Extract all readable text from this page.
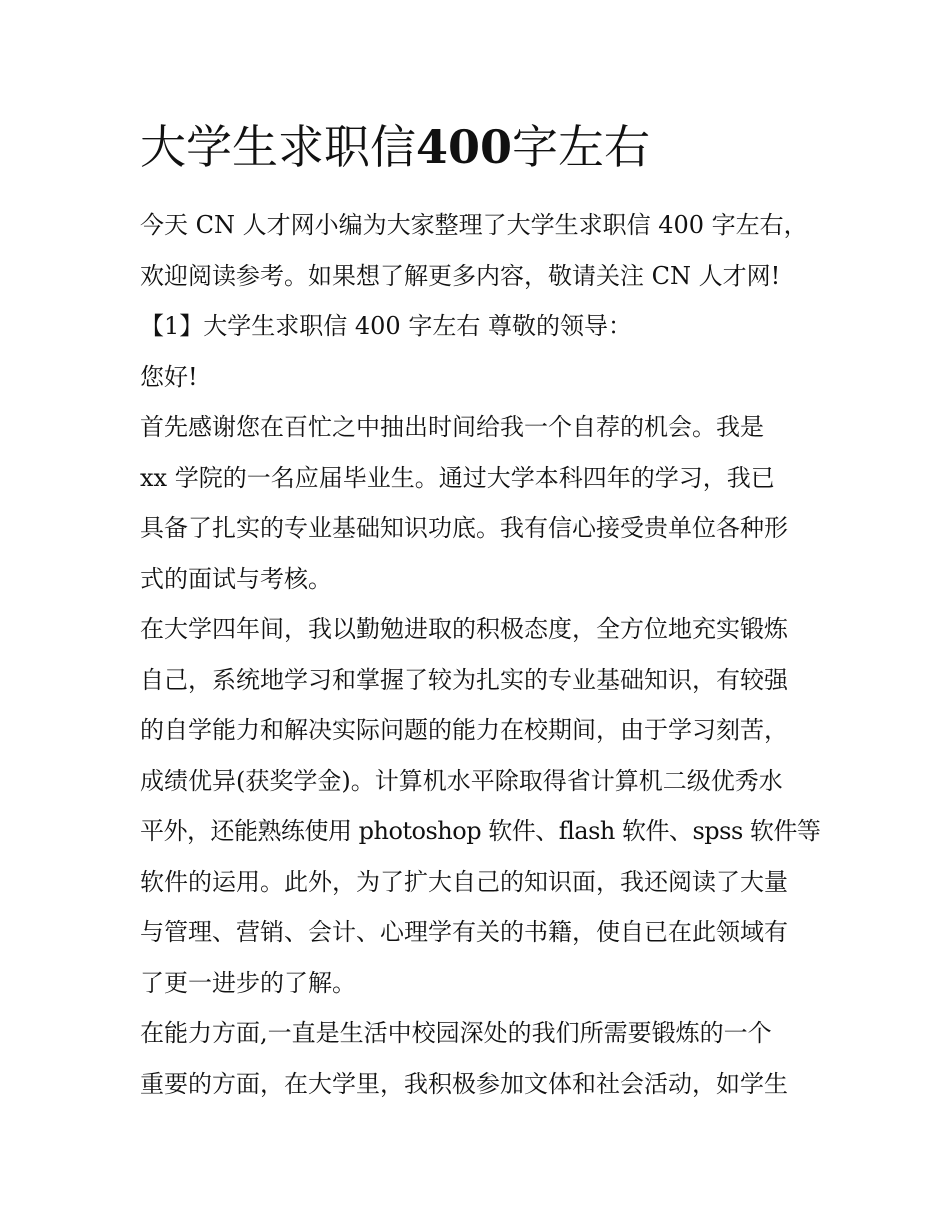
大学生求职信400字左右

今天 CN 人才网小编为大家整理了大学生求职信 400 字左右，

欢迎阅读参考。如果想了解更多内容，敬请关注 CN 人才网!

【1】大学生求职信 400 字左右 尊敬的领导：

您好!

首先感谢您在百忙之中抽出时间给我一个自荐的机会。我是

xx 学院的一名应届毕业生。通过大学本科四年的学习，我已

具备了扎实的专业基础知识功底。我有信心接受贵单位各种形

式的面试与考核。

在大学四年间，我以勤勉进取的积极态度，全方位地充实锻炼

自己，系统地学习和掌握了较为扎实的专业基础知识，有较强

的自学能力和解决实际问题的能力在校期间，由于学习刻苦，

成绩优异(获奖学金)。计算机水平除取得省计算机二级优秀水

平外，还能熟练使用 photoshop 软件、flash 软件、spss 软件等

软件的运用。此外，为了扩大自己的知识面，我还阅读了大量

与管理、营销、会计、心理学有关的书籍，使自已在此领域有

了更一进步的了解。

在能力方面,一直是生活中校园深处的我们所需要锻炼的一个

重要的方面，在大学里，我积极参加文体和社会活动，如学生
